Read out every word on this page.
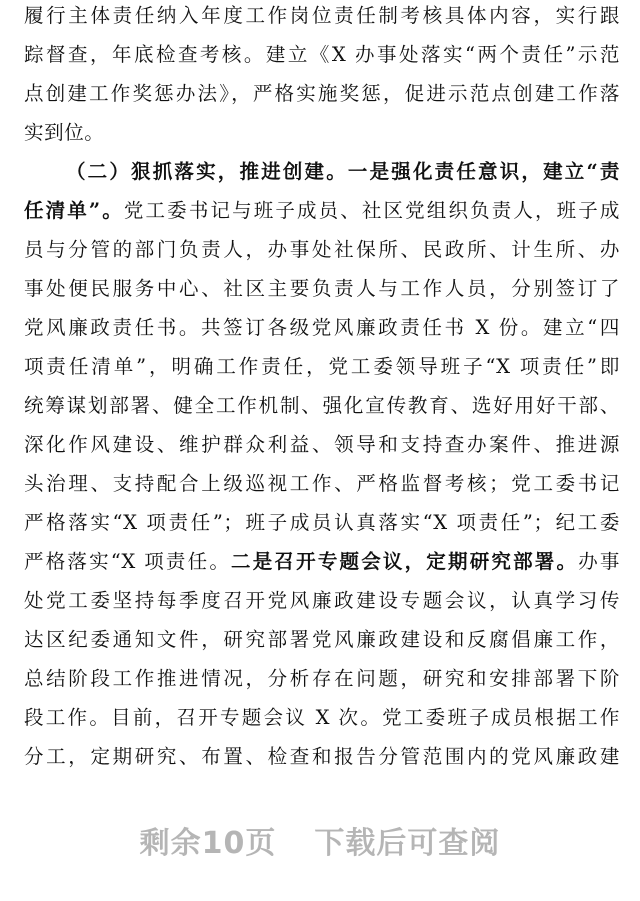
履行主体责任纳入年度工作岗位责任制考核具体内容，实行跟
踪督查，年底检查考核。建立《X 办事处落实“两个责任”示范
点创建工作奖惩办法》，严格实施奖惩，促进示范点创建工作落
实到位。
（二）狠抓落实，推进创建。一是强化责任意识，建立“责
任清单”。党工委书记与班子成员、社区党组织负责人，班子成
员与分管的部门负责人，办事处社保所、民政所、计生所、办
事处便民服务中心、社区主要负责人与工作人员，分别签订了
党风廉政责任书。共签订各级党风廉政责任书 X 份。建立“四
项责任清单”，明确工作责任，党工委领导班子“X 项责任”即
统筹谋划部署、健全工作机制、强化宣传教育、选好用好干部、
深化作风建设、维护群众利益、领导和支持查办案件、推进源
头治理、支持配合上级巡视工作、严格监督考核；党工委书记
严格落实“X 项责任”；班子成员认真落实“X 项责任”；纪工委
严格落实“X 项责任。二是召开专题会议，定期研究部署。办事
处党工委坚持每季度召开党风廉政建设专题会议，认真学习传
达区纪委通知文件，研究部署党风廉政建设和反腐倡廉工作，
总结阶段工作推进情况，分析存在问题，研究和安排部署下阶
段工作。目前，召开专题会议 X 次。党工委班子成员根据工作
分工，定期研究、布置、检查和报告分管范围内的党风廉政建
剩余10页 下载后可查阅
